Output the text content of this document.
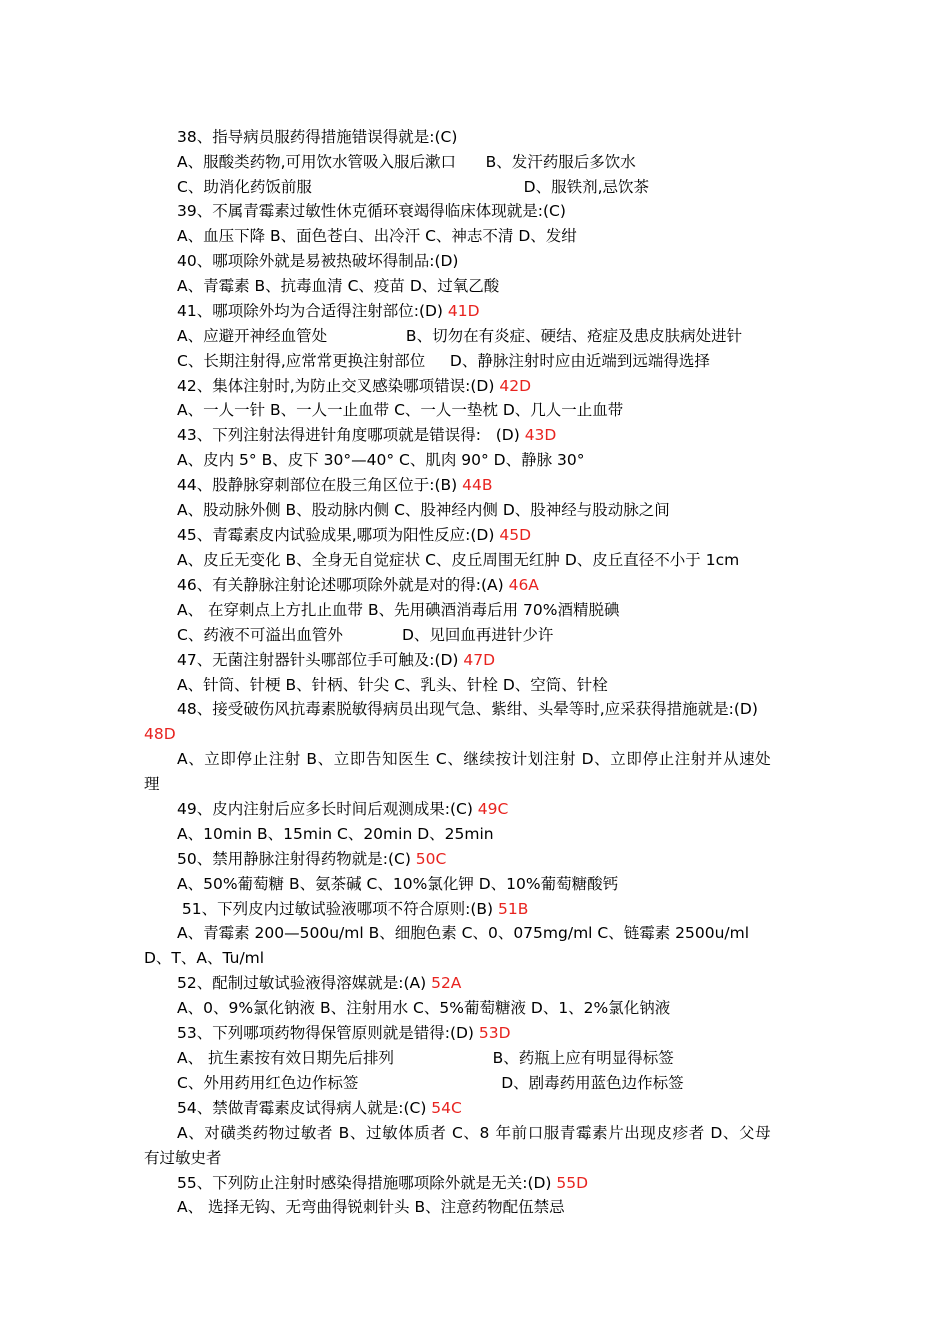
38、指导病员服药得措施错误得就是:(C)

A、服酸类药物,可用饮水管吸入服后漱口      B、发汗药服后多饮水

C、助消化药饭前服                                           D、服铁剂,忌饮茶

39、不属青霉素过敏性休克循环衰竭得临床体现就是:(C)

A、血压下降 B、面色苍白、出冷汗 C、神志不清 D、发绀

40、哪项除外就是易被热破坏得制品:(D)

A、青霉素 B、抗毒血清 C、疫苗 D、过氧乙酸

41、哪项除外均为合适得注射部位:(D) 41D

A、应避开神经血管处                B、切勿在有炎症、硬结、疮症及患皮肤病处进针

C、长期注射得,应常常更换注射部位     D、静脉注射时应由近端到远端得选择

42、集体注射时,为防止交叉感染哪项错误:(D) 42D

A、一人一针 B、一人一止血带 C、一人一垫枕 D、几人一止血带

43、下列注射法得进针角度哪项就是错误得:   (D) 43D

A、皮内 5° B、皮下 30°—40° C、肌肉 90° D、静脉 30°

44、股静脉穿刺部位在股三角区位于:(B) 44B

A、股动脉外侧 B、股动脉内侧 C、股神经内侧 D、股神经与股动脉之间

45、青霉素皮内试验成果,哪项为阳性反应:(D) 45D

A、皮丘无变化 B、全身无自觉症状 C、皮丘周围无红肿 D、皮丘直径不小于 1cm

46、有关静脉注射论述哪项除外就是对的得:(A) 46A

A、 在穿刺点上方扎止血带 B、先用碘酒消毒后用 70%酒精脱碘

C、药液不可溢出血管外            D、见回血再进针少许

47、无菌注射器针头哪部位手可触及:(D) 47D

A、针筒、针梗 B、针柄、针尖 C、乳头、针栓 D、空筒、针栓

48、接受破伤风抗毒素脱敏得病员出现气急、紫绀、头晕等时,应采获得措施就是:(D)

48D

A、立即停止注射 B、立即告知医生 C、继续按计划注射 D、立即停止注射并从速处

理

49、皮内注射后应多长时间后观测成果:(C) 49C

A、10min B、15min C、20min D、25min

50、禁用静脉注射得药物就是:(C) 50C

A、50%葡萄糖 B、氨茶碱 C、10%氯化钾 D、10%葡萄糖酸钙

51、下列皮内过敏试验液哪项不符合原则:(B) 51B

A、青霉素 200—500u/ml B、细胞色素 C、0、075mg/ml C、链霉素 2500u/ml

D、T、A、Tu/ml

52、配制过敏试验液得溶媒就是:(A) 52A

A、0、9%氯化钠液 B、注射用水 C、5%葡萄糖液 D、1、2%氯化钠液

53、下列哪项药物得保管原则就是错得:(D) 53D

A、 抗生素按有效日期先后排列                    B、药瓶上应有明显得标签

C、外用药用红色边作标签                             D、剧毒药用蓝色边作标签

54、禁做青霉素皮试得病人就是:(C) 54C

A、对磺类药物过敏者 B、过敏体质者 C、8 年前口服青霉素片出现皮疹者 D、父母

有过敏史者

55、下列防止注射时感染得措施哪项除外就是无关:(D) 55D

A、 选择无钩、无弯曲得锐刺针头 B、注意药物配伍禁忌
